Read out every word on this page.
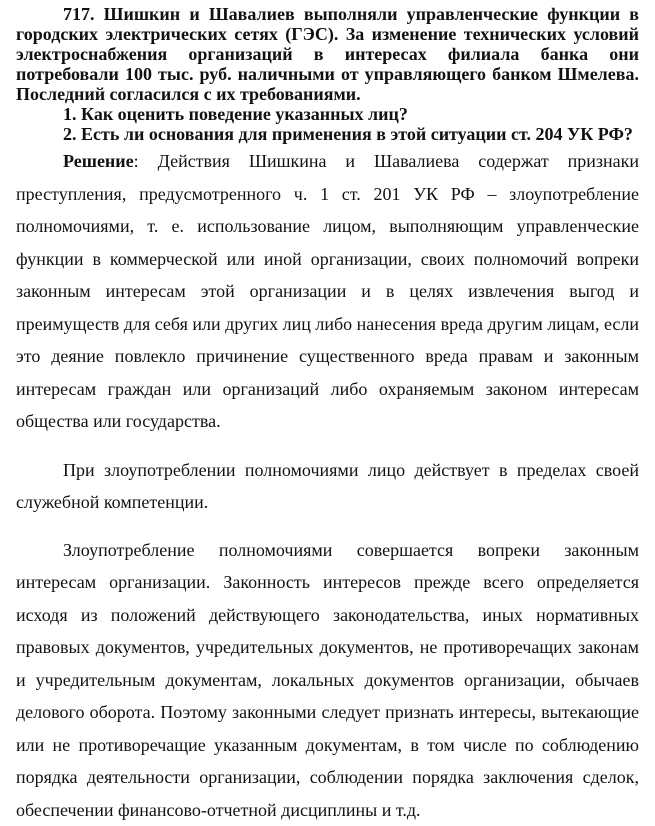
717. Шишкин и Шавалиев выполняли управленческие функции в городских электрических сетях (ГЭС). За изменение технических условий электроснабжения организаций в интересах филиала банка они потребовали 100 тыс. руб. наличными от управляющего банком Шмелева. Последний согласился с их требованиями.

1. Как оценить поведение указанных лиц?

2. Есть ли основания для применения в этой ситуации ст. 204 УК РФ?

Решение: Действия Шишкина и Шавалиева содержат признаки преступления, предусмотренного ч. 1 ст. 201 УК РФ – злоупотребление полномочиями, т. е. использование лицом, выполняющим управленческие функции в коммерческой или иной организации, своих полномочий вопреки законным интересам этой организации и в целях извлечения выгод и преимуществ для себя или других лиц либо нанесения вреда другим лицам, если это деяние повлекло причинение существенного вреда правам и законным интересам граждан или организаций либо охраняемым законом интересам общества или государства.

При злоупотреблении полномочиями лицо действует в пределах своей служебной компетенции.

Злоупотребление полномочиями совершается вопреки законным интересам организации. Законность интересов прежде всего определяется исходя из положений действующего законодательства, иных нормативных правовых документов, учредительных документов, не противоречащих законам и учредительным документам, локальных документов организации, обычаев делового оборота. Поэтому законными следует признать интересы, вытекающие или не противоречащие указанным документам, в том числе по соблюдению порядка деятельности организации, соблюдении порядка заключения сделок, обеспечении финансово-отчетной дисциплины и т.д.
